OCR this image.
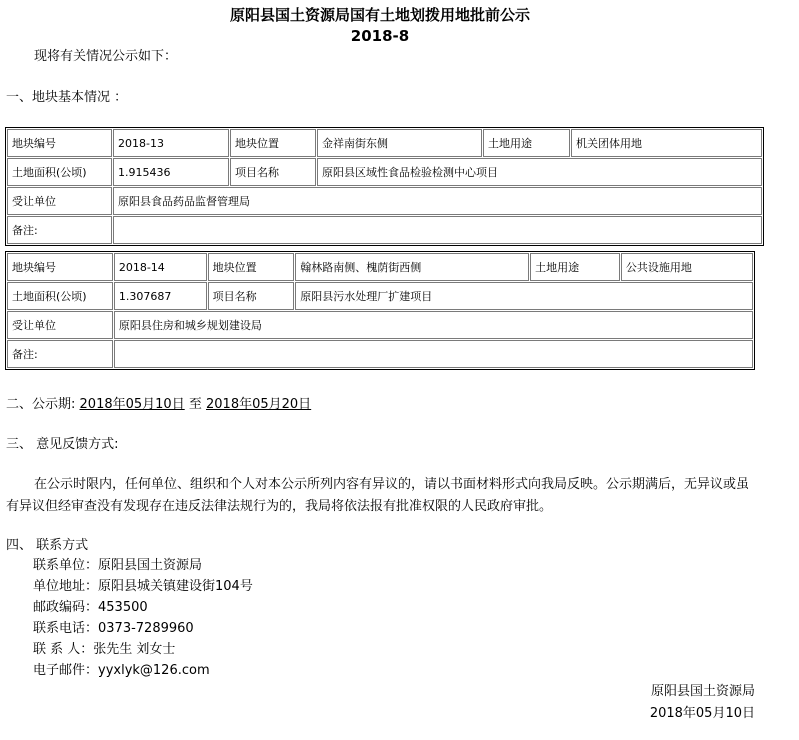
原阳县国土资源局国有土地划拨用地批前公示
2018-8
现将有关情况公示如下：
一、地块基本情况 ：
地块编号	2018-13	地块位置	金祥南街东侧	土地用途	机关团体用地
土地面积(公顷)	1.915436	项目名称	原阳县区域性食品检验检测中心项目		
受让单位	原阳县食品药品监督管理局				
备注:					
地块编号	2018-14	地块位置	翰林路南侧、槐荫街西侧	土地用途	公共设施用地
土地面积(公顷)	1.307687	项目名称	原阳县污水处理厂扩建项目		
受让单位	原阳县住房和城乡规划建设局				
备注:					
二、公示期: 2018年05月10日 至 2018年05月20日
三、 意见反馈方式:
在公示时限内，任何单位、组织和个人对本公示所列内容有异议的，请以书面材料形式向我局反映。公示期满后，无异议或虽有异议但经审查没有发现存在违反法律法规行为的，我局将依法报有批准权限的人民政府审批。
四、 联系方式
联系单位：原阳县国土资源局
单位地址：原阳县城关镇建设街104号
邮政编码：453500
联系电话：0373-7289960
联 系 人：张先生 刘女士
电子邮件：yyxlyk@126.com
原阳县国土资源局
2018年05月10日
